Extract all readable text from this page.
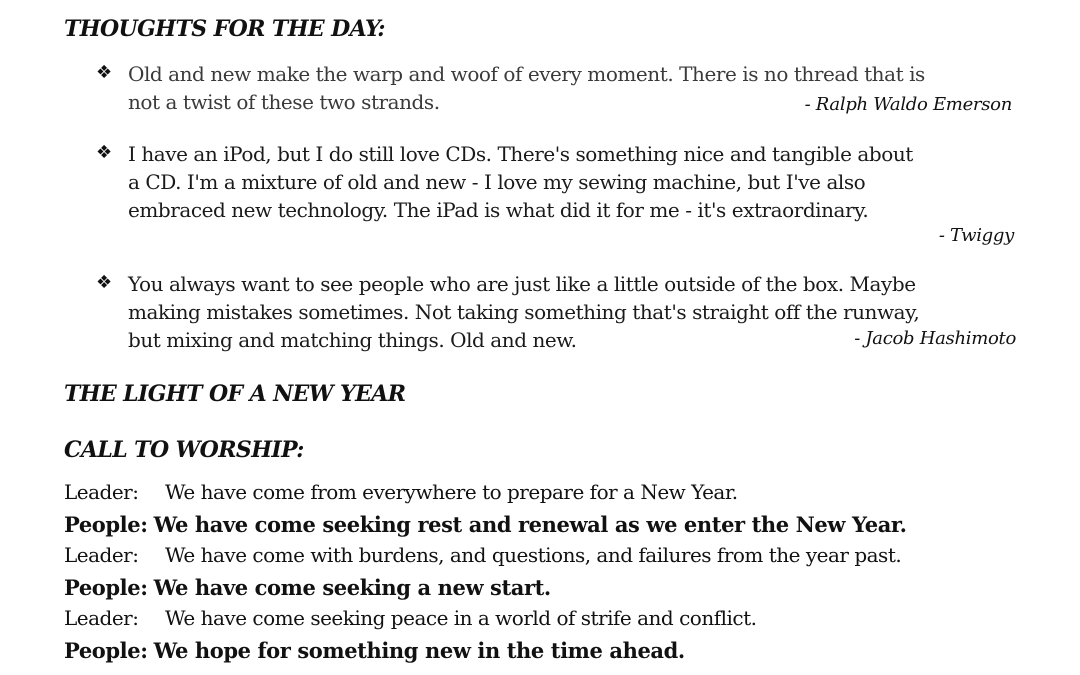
THOUGHTS FOR THE DAY:
❖ Old and new make the warp and woof of every moment. There is no thread that is
not a twist of these two strands.	- Ralph Waldo Emerson
❖ I have an iPod, but I do still love CDs. There's something nice and tangible about
a CD. I'm a mixture of old and new - I love my sewing machine, but I've also
embraced new technology. The iPad is what did it for me - it's extraordinary.
- Twiggy
❖ You always want to see people who are just like a little outside of the box. Maybe
making mistakes sometimes. Not taking something that's straight off the runway,
but mixing and matching things. Old and new.	- Jacob Hashimoto
THE LIGHT OF A NEW YEAR
CALL TO WORSHIP:
Leader: We have come from everywhere to prepare for a New Year.
People: We have come seeking rest and renewal as we enter the New Year.
Leader: We have come with burdens, and questions, and failures from the year past.
People: We have come seeking a new start.
Leader: We have come seeking peace in a world of strife and conflict.
People: We hope for something new in the time ahead.
